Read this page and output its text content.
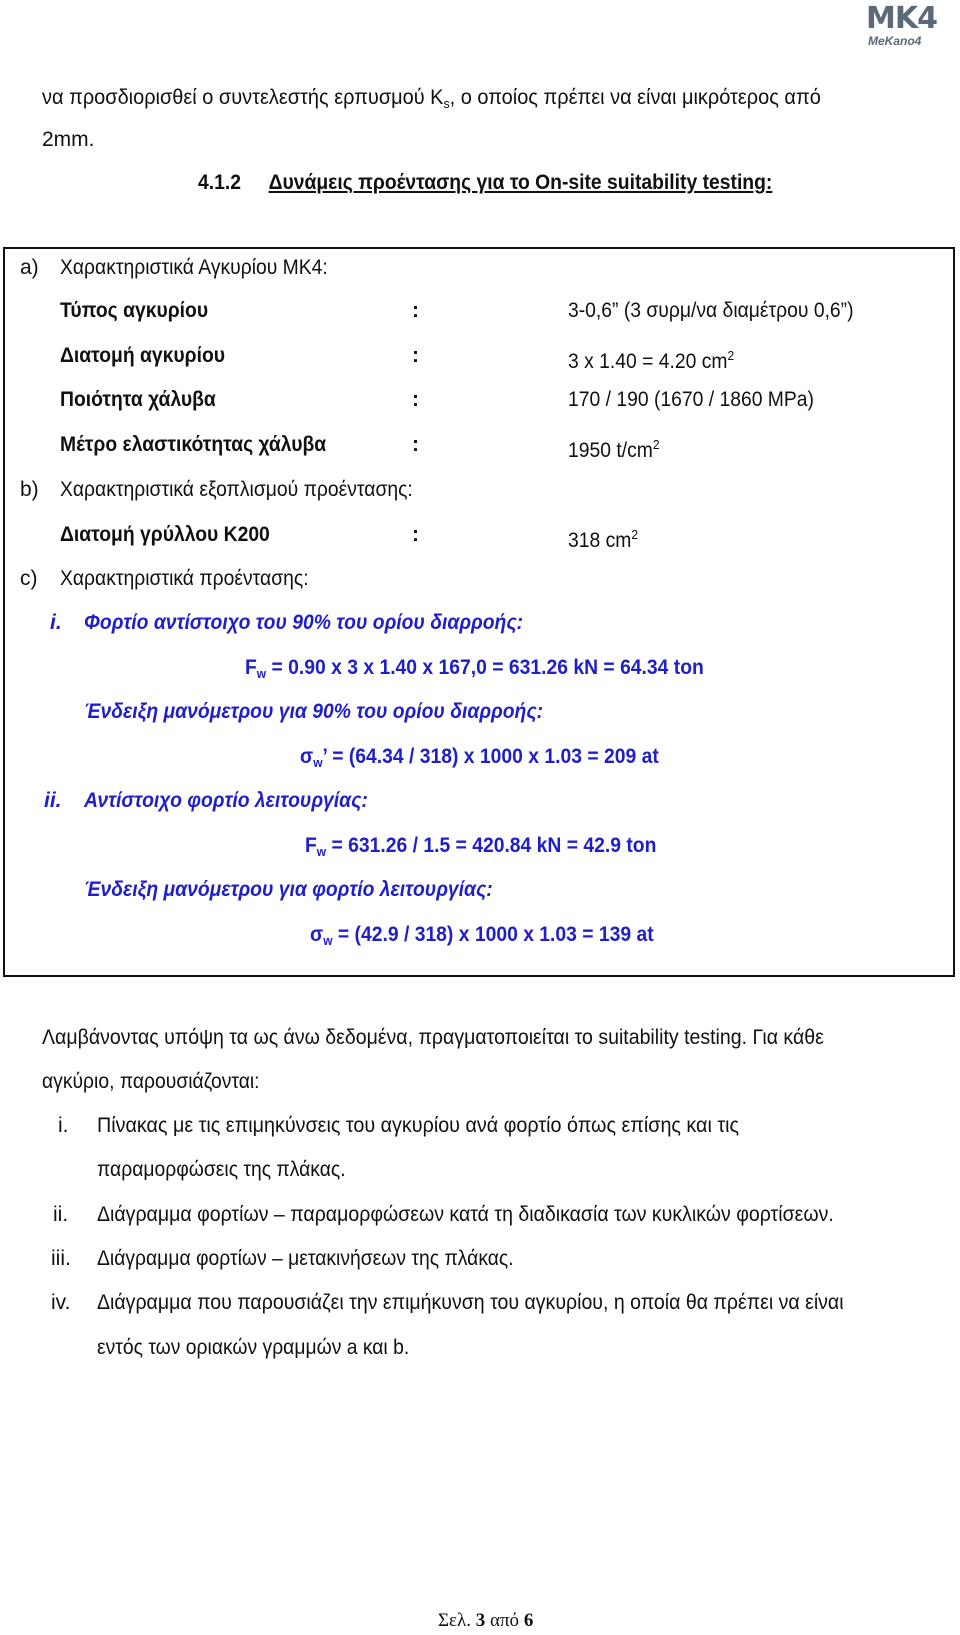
MK4
MeKano4
να προσδιορισθεί ο συντελεστής ερπυσμού $K_s$, ο οποίος πρέπει να είναι μικρότερος από
2mm.
4.1.2 Δυνάμεις προέντασης για το On-site suitability testing:
a) Χαρακτηριστικά Αγκυρίου ΜΚ4:
Τύπος αγκυρίου	:	3-0,6” (3 συρμ/να διαμέτρου 0,6”)
Διατομή αγκυρίου	:	3 x 1.40 = 4.20 $cm^2$
Ποιότητα χάλυβα	:	170 / 190 (1670 / 1860 MPa)
Μέτρο ελαστικότητας χάλυβα	:	1950 $t/cm^2$
b) Χαρακτηριστικά εξοπλισμού προέντασης:
Διατομή γρύλλου K200	:	318 $cm^2$
c) Χαρακτηριστικά προέντασης:
i. Φορτίο αντίστοιχο του 90% του ορίου διαρροής:
$F_w = 0.90$ x 3 x 1.40 x 167,0 = 631.26 kN = 64.34 ton
Ένδειξη μανόμετρου για 90% του ορίου διαρροής:
$\sigma_w$’ = (64.34 / 318) x 1000 x 1.03 = 209 at
ii. Αντίστοιχο φορτίο λειτουργίας:
$F_w = 631.26 / 1.5 = 420.84$ kN = 42.9 ton
Ένδειξη μανόμετρου για φορτίο λειτουργίας:
$\sigma_w = (42.9 / 318)$ x 1000 x 1.03 = 139 at
Λαμβάνοντας υπόψη τα ως άνω δεδομένα, πραγματοποιείται το suitability testing. Για κάθε
αγκύριο, παρουσιάζονται:
i. Πίνακας με τις επιμηκύνσεις του αγκυρίου ανά φορτίο όπως επίσης και τις
παραμορφώσεις της πλάκας.
ii. Διάγραμμα φορτίων – παραμορφώσεων κατά τη διαδικασία των κυκλικών φορτίσεων.
iii. Διάγραμμα φορτίων – μετακινήσεων της πλάκας.
iv. Διάγραμμα που παρουσιάζει την επιμήκυνση του αγκυρίου, η οποία θα πρέπει να είναι
εντός των οριακών γραμμών a και b.
Σελ. 3 από 6
